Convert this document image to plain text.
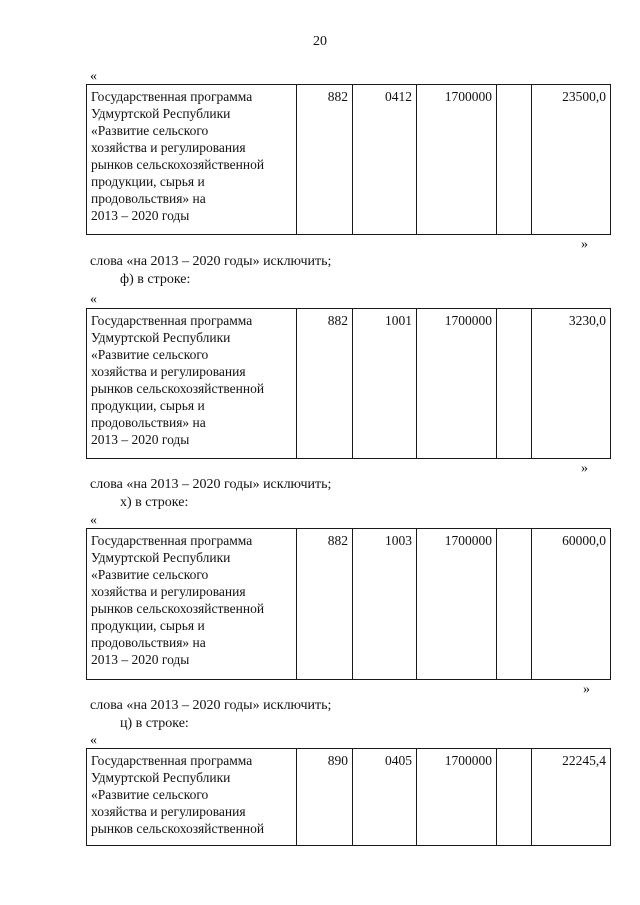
20
«
Государственная программа
Удмуртской Республики
«Развитие сельского
хозяйства и регулирования
рынков сельскохозяйственной
продукции, сырья и
продовольствия» на
2013 – 2020 годы
	882	0412	1700000		23500,0
»
слова «на 2013 – 2020 годы» исключить;
ф) в строке:
«
Государственная программа
Удмуртской Республики
«Развитие сельского
хозяйства и регулирования
рынков сельскохозяйственной
продукции, сырья и
продовольствия» на
2013 – 2020 годы
	882	1001	1700000		3230,0
»
слова «на 2013 – 2020 годы» исключить;
х) в строке:
«
Государственная программа
Удмуртской Республики
«Развитие сельского
хозяйства и регулирования
рынков сельскохозяйственной
продукции, сырья и
продовольствия» на
2013 – 2020 годы
	882	1003	1700000		60000,0
»
слова «на 2013 – 2020 годы» исключить;
ц) в строке:
«
Государственная программа
Удмуртской Республики
«Развитие сельского
хозяйства и регулирования
рынков сельскохозяйственной
	890	0405	1700000		22245,4
